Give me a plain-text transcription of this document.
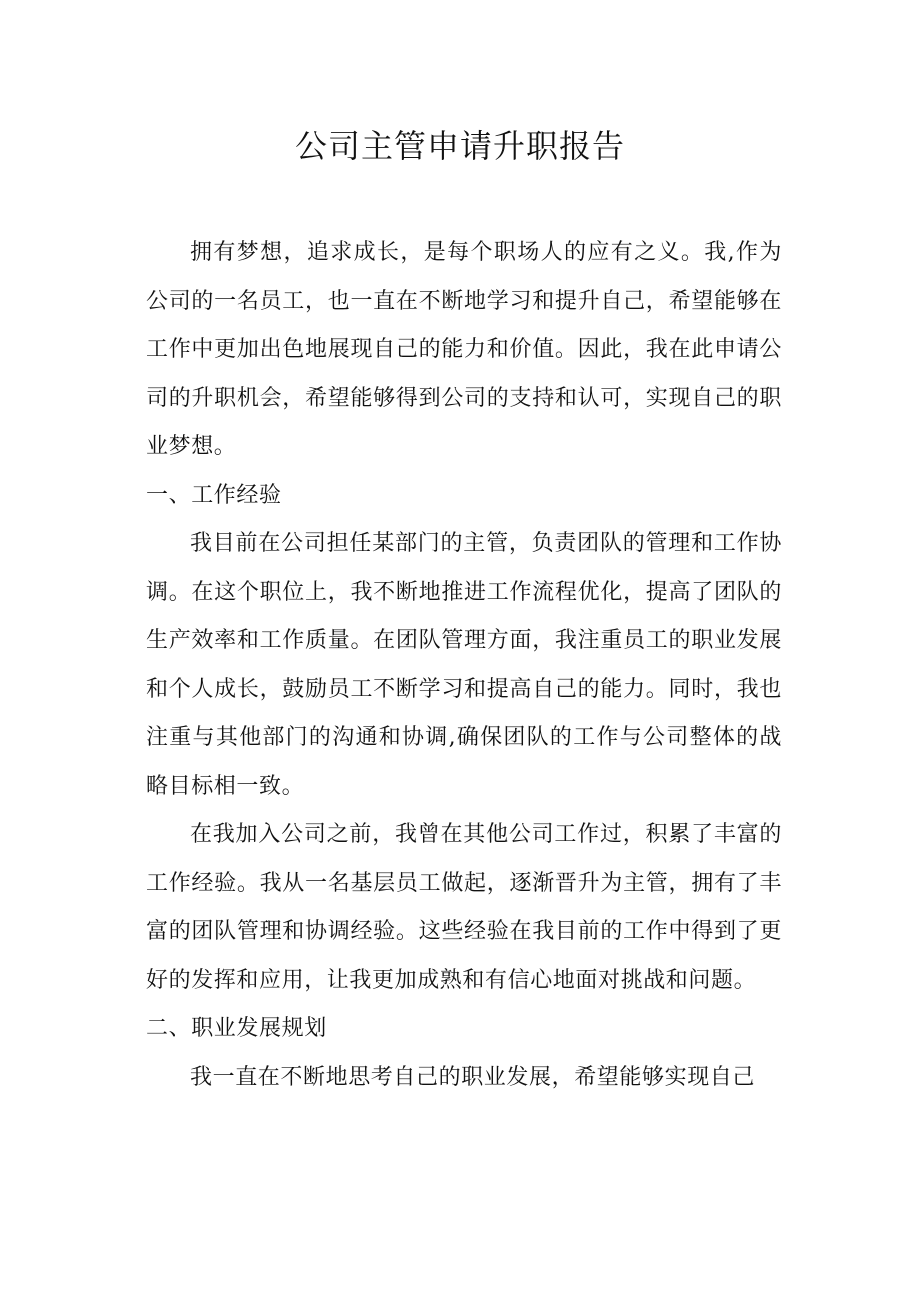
公司主管申请升职报告

拥有梦想，追求成长，是每个职场人的应有之义。我,作为公司的一名员工，也一直在不断地学习和提升自己，希望能够在工作中更加出色地展现自己的能力和价值。因此，我在此申请公司的升职机会，希望能够得到公司的支持和认可，实现自己的职业梦想。

一、工作经验

我目前在公司担任某部门的主管，负责团队的管理和工作协调。在这个职位上，我不断地推进工作流程优化，提高了团队的生产效率和工作质量。在团队管理方面，我注重员工的职业发展和个人成长，鼓励员工不断学习和提高自己的能力。同时，我也注重与其他部门的沟通和协调,确保团队的工作与公司整体的战略目标相一致。

在我加入公司之前，我曾在其他公司工作过，积累了丰富的工作经验。我从一名基层员工做起，逐渐晋升为主管，拥有了丰富的团队管理和协调经验。这些经验在我目前的工作中得到了更好的发挥和应用，让我更加成熟和有信心地面对挑战和问题。

二、职业发展规划

我一直在不断地思考自己的职业发展，希望能够实现自己
